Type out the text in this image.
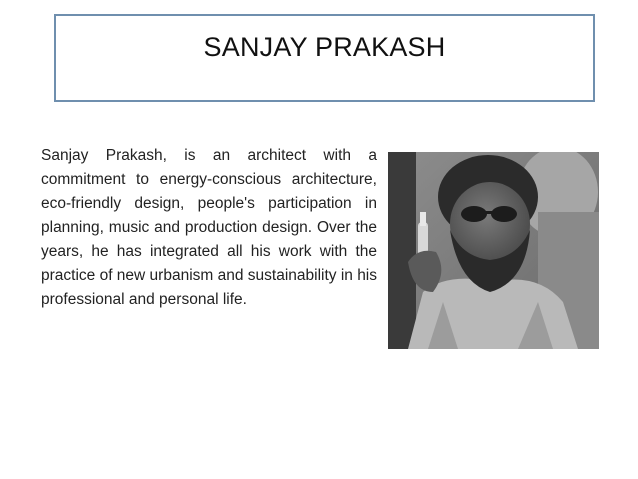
SANJAY PRAKASH
Sanjay Prakash, is an architect with a commitment to energy-conscious architecture, eco-friendly design, people's participation in planning, music and production design. Over the years, he has integrated all his work with the practice of new urbanism and sustainability in his professional and personal life.
